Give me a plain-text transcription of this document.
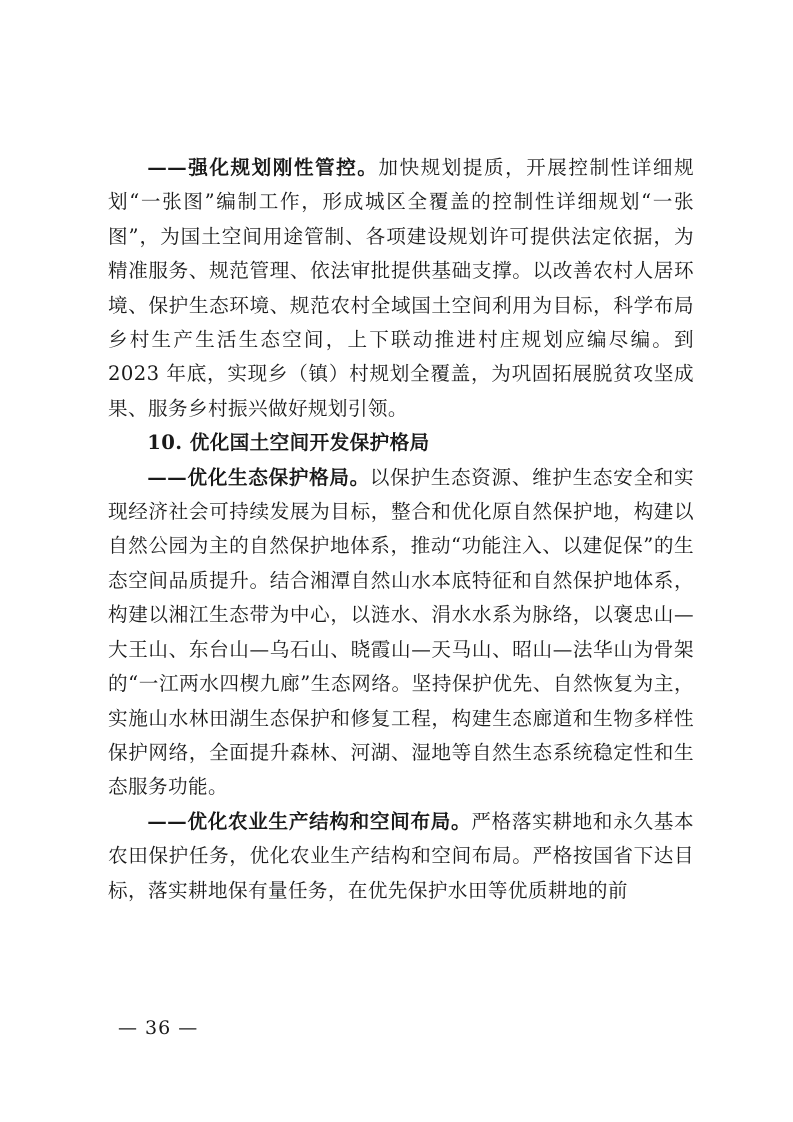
——强化规划刚性管控。加快规划提质，开展控制性详细规划“一张图”编制工作，形成城区全覆盖的控制性详细规划“一张图”，为国土空间用途管制、各项建设规划许可提供法定依据，为精准服务、规范管理、依法审批提供基础支撑。以改善农村人居环境、保护生态环境、规范农村全域国土空间利用为目标，科学布局乡村生产生活生态空间，上下联动推进村庄规划应编尽编。到 2023 年底，实现乡（镇）村规划全覆盖，为巩固拓展脱贫攻坚成果、服务乡村振兴做好规划引领。

10. 优化国土空间开发保护格局

——优化生态保护格局。以保护生态资源、维护生态安全和实现经济社会可持续发展为目标，整合和优化原自然保护地，构建以自然公园为主的自然保护地体系，推动“功能注入、以建促保”的生态空间品质提升。结合湘潭自然山水本底特征和自然保护地体系，构建以湘江生态带为中心，以涟水、涓水水系为脉络，以褒忠山—大王山、东台山—乌石山、晓霞山—天马山、昭山—法华山为骨架的“一江两水四楔九廊”生态网络。坚持保护优先、自然恢复为主，实施山水林田湖生态保护和修复工程，构建生态廊道和生物多样性保护网络，全面提升森林、河湖、湿地等自然生态系统稳定性和生态服务功能。

——优化农业生产结构和空间布局。严格落实耕地和永久基本农田保护任务，优化农业生产结构和空间布局。严格按国省下达目标，落实耕地保有量任务，在优先保护水田等优质耕地的前

— 36 —
